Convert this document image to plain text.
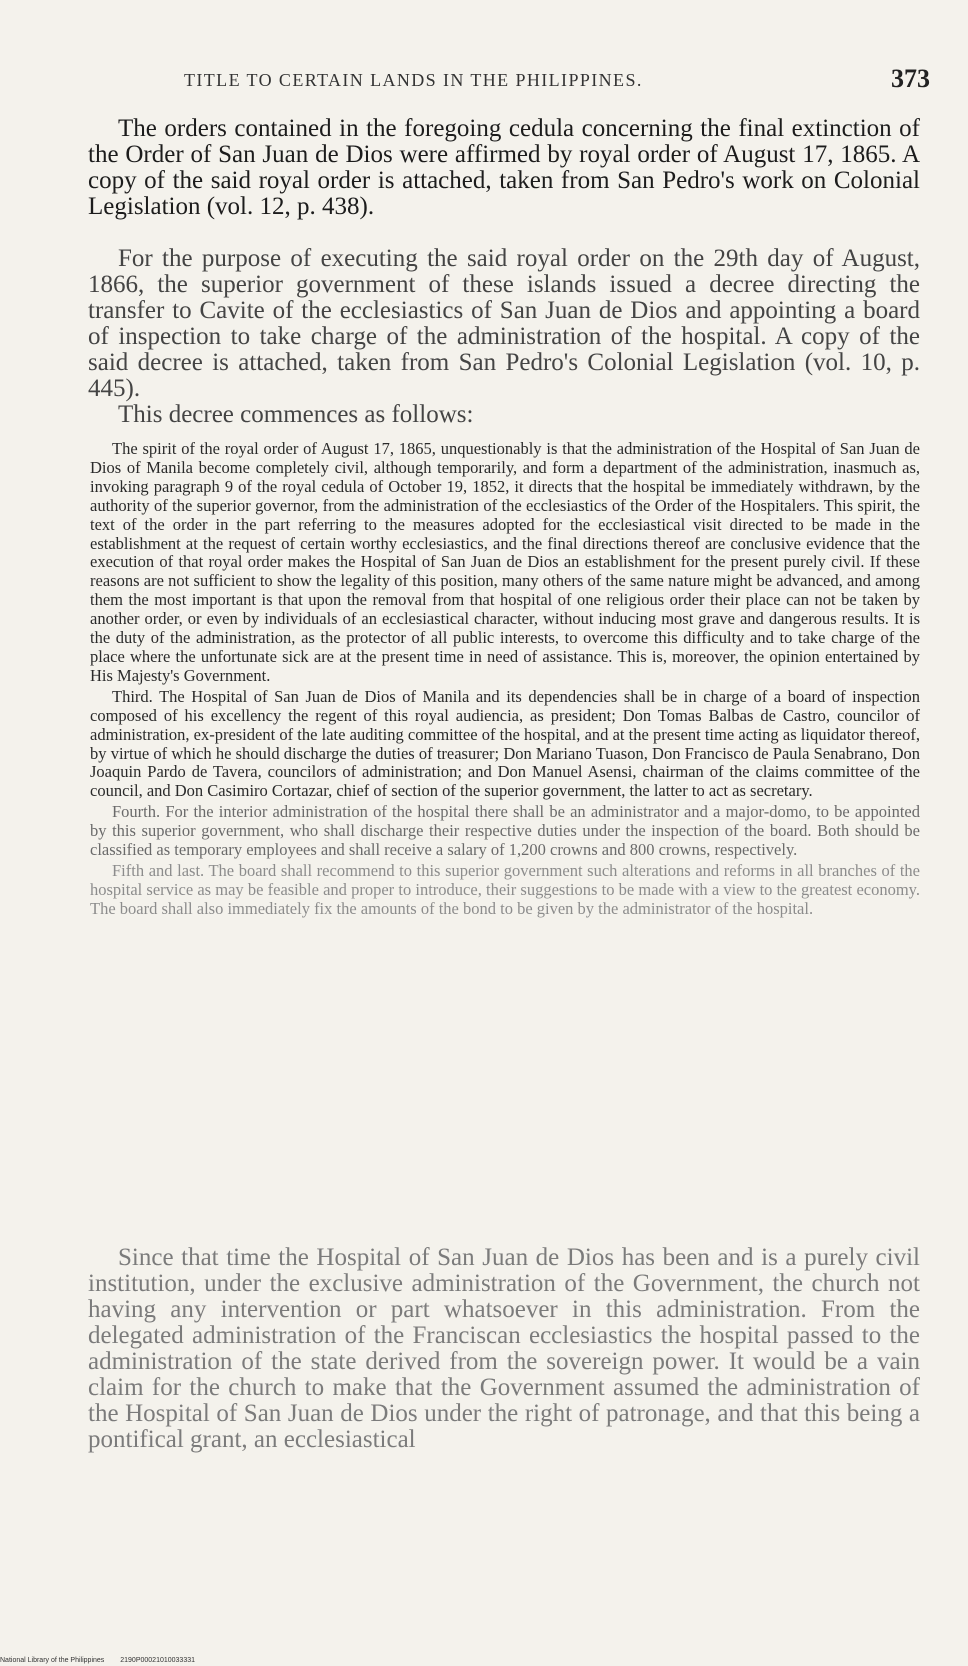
TITLE TO CERTAIN LANDS IN THE PHILIPPINES.	373

The orders contained in the foregoing cedula concerning the final extinction of the Order of San Juan de Dios were affirmed by royal order of August 17, 1865. A copy of the said royal order is attached, taken from San Pedro's work on Colonial Legislation (vol. 12, p. 438).

For the purpose of executing the said royal order on the 29th day of August, 1866, the superior government of these islands issued a decree directing the transfer to Cavite of the ecclesiastics of San Juan de Dios and appointing a board of inspection to take charge of the administration of the hospital. A copy of the said decree is attached, taken from San Pedro's Colonial Legislation (vol. 10, p. 445).

This decree commences as follows:

The spirit of the royal order of August 17, 1865, unquestionably is that the administration of the Hospital of San Juan de Dios of Manila become completely civil, although temporarily, and form a department of the administration, inasmuch as, invoking paragraph 9 of the royal cedula of October 19, 1852, it directs that the hospital be immediately withdrawn, by the authority of the superior governor, from the administration of the ecclesiastics of the Order of the Hospitalers. This spirit, the text of the order in the part referring to the measures adopted for the ecclesiastical visit directed to be made in the establishment at the request of certain worthy ecclesiastics, and the final directions thereof are conclusive evidence that the execution of that royal order makes the Hospital of San Juan de Dios an establishment for the present purely civil. If these reasons are not sufficient to show the legality of this position, many others of the same nature might be advanced, and among them the most important is that upon the removal from that hospital of one religious order their place can not be taken by another order, or even by individuals of an ecclesiastical character, without inducing most grave and dangerous results. It is the duty of the administration, as the protector of all public interests, to overcome this difficulty and to take charge of the place where the unfortunate sick are at the present time in need of assistance. This is, moreover, the opinion entertained by His Majesty's Government.

Third. The Hospital of San Juan de Dios of Manila and its dependencies shall be in charge of a board of inspection composed of his excellency the regent of this royal audiencia, as president; Don Tomas Balbas de Castro, councilor of administration, ex-president of the late auditing committee of the hospital, and at the present time acting as liquidator thereof, by virtue of which he should discharge the duties of treasurer; Don Mariano Tuason, Don Francisco de Paula Senabrano, Don Joaquin Pardo de Tavera, councilors of administration; and Don Manuel Asensi, chairman of the claims committee of the council, and Don Casimiro Cortazar, chief of section of the superior government, the latter to act as secretary.

Fourth. For the interior administration of the hospital there shall be an administrator and a major-domo, to be appointed by this superior government, who shall discharge their respective duties under the inspection of the board. Both should be classified as temporary employees and shall receive a salary of 1,200 crowns and 800 crowns, respectively.

Fifth and last. The board shall recommend to this superior government such alterations and reforms in all branches of the hospital service as may be feasible and proper to introduce, their suggestions to be made with a view to the greatest economy. The board shall also immediately fix the amounts of the bond to be given by the administrator of the hospital.

Since that time the Hospital of San Juan de Dios has been and is a purely civil institution, under the exclusive administration of the Government, the church not having any intervention or part whatsoever in this administration. From the delegated administration of the Franciscan ecclesiastics the hospital passed to the administration of the state derived from the sovereign power. It would be a vain claim for the church to make that the Government assumed the administration of the Hospital of San Juan de Dios under the right of patronage, and that this being a pontifical grant, an ecclesiastical

National Library of the Philippines 2190P00021010033331
